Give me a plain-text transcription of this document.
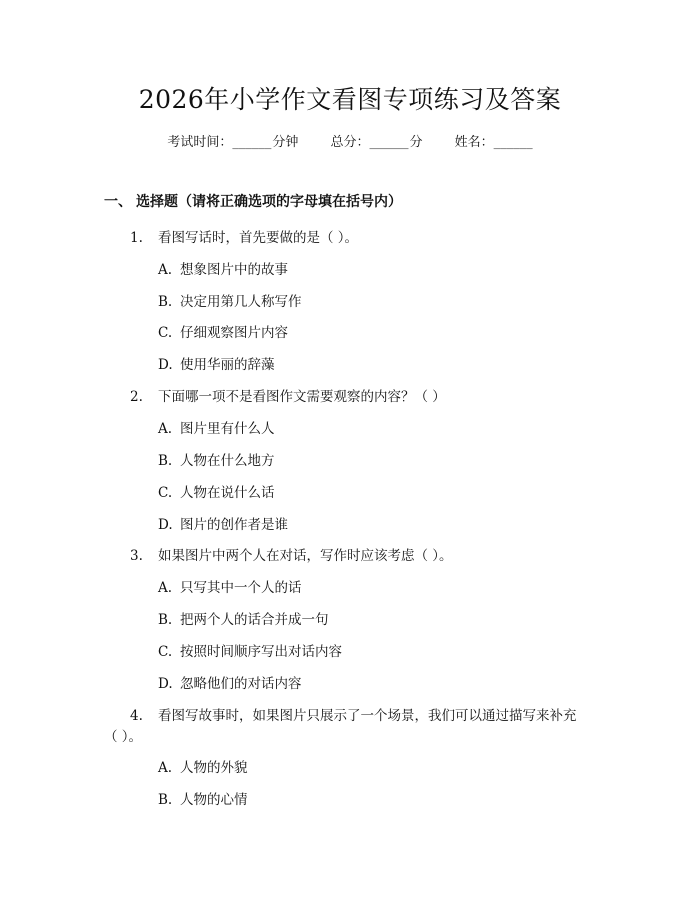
2026年小学作文看图专项练习及答案
考试时间：______分钟 总分：______分 姓名：______
一、 选择题（请将正确选项的字母填在括号内）
1. 看图写话时，首先要做的是（ ）。
A. 想象图片中的故事
B. 决定用第几人称写作
C. 仔细观察图片内容
D. 使用华丽的辞藻
2. 下面哪一项不是看图作文需要观察的内容？（ ）
A. 图片里有什么人
B. 人物在什么地方
C. 人物在说什么话
D. 图片的创作者是谁
3. 如果图片中两个人在对话，写作时应该考虑（ ）。
A. 只写其中一个人的话
B. 把两个人的话合并成一句
C. 按照时间顺序写出对话内容
D. 忽略他们的对话内容
4. 看图写故事时，如果图片只展示了一个场景，我们可以通过描写来补充
（ ）。
A. 人物的外貌
B. 人物的心情
